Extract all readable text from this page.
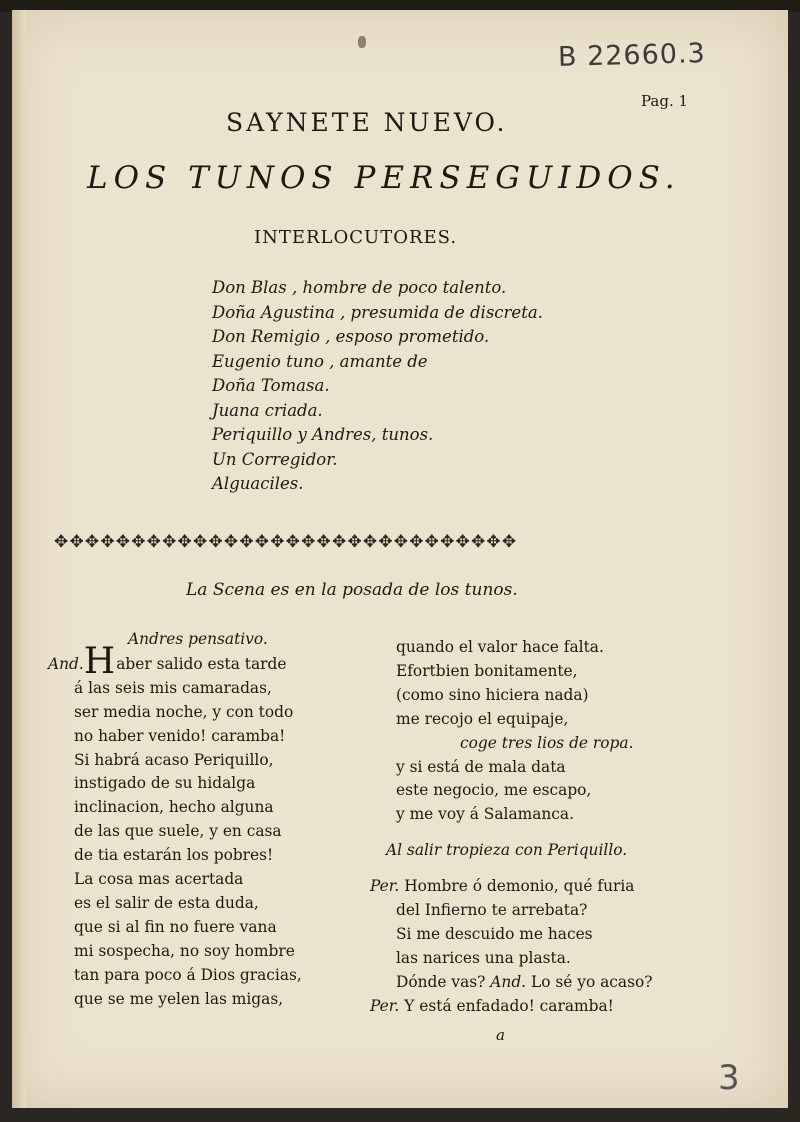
B 22660.3
Pag. 1
SAYNETE NUEVO.
LOS TUNOS PERSEGUIDOS.
INTERLOCUTORES.
Don Blas , hombre de poco talento.
Doña Agustina , presumida de discreta.
Don Remigio , esposo prometido.
Eugenio tuno , amante de
Doña Tomasa.
Juana criada.
Periquillo y Andres, tunos.
Un Corregidor.
Alguaciles.
✥✥✥✥✥✥✥✥✥✥✥✥✥✥✥✥✥✥✥✥✥✥✥✥✥✥✥✥✥✥
La Scena es en la posada de los tunos.
Andres pensativo.
And.Haber salido esta tarde
á las seis mis camaradas,
ser media noche, y con todo
no haber venido! caramba!
Si habrá acaso Periquillo,
instigado de su hidalga
inclinacion, hecho alguna
de las que suele, y en casa
de tia estarán los pobres!
La cosa mas acertada
es el salir de esta duda,
que si al fin no fuere vana
mi sospecha, no soy hombre
tan para poco á Dios gracias,
que se me yelen las migas,
quando el valor hace falta.
Efortbien bonitamente,
(como sino hiciera nada)
me recojo el equipaje,
coge tres lios de ropa.
y si está de mala data
este negocio, me escapo,
y me voy á Salamanca.
Al salir tropieza con Periquillo.
Per. Hombre ó demonio, qué furia
del Infierno te arrebata?
Si me descuido me haces
las narices una plasta.
Dónde vas? And. Lo sé yo acaso?
Per. Y está enfadado! caramba!
a
3
